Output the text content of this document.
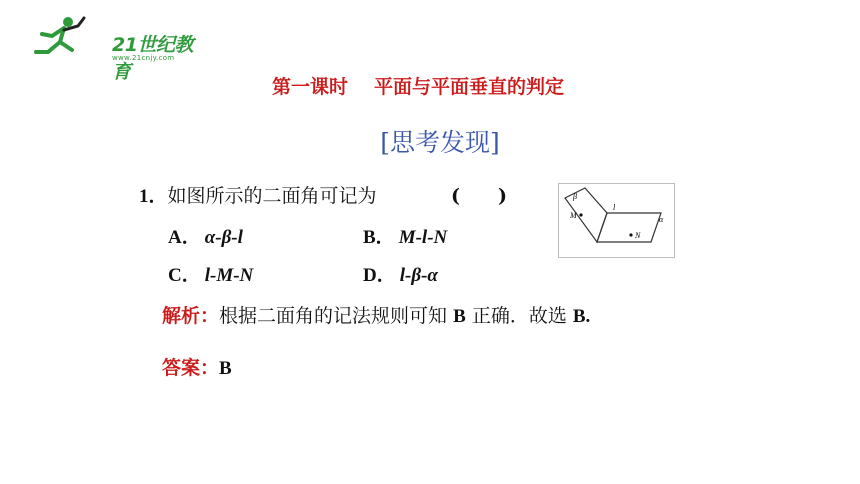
21世纪教育
www.21cnjy.com
第一课时 平面与平面垂直的判定
[思考发现]
1．如图所示的二面角可记为	(　　)
A． α-β-l	B． M-l-N
C． l-M-N	D． l-β-α
β
M
l
α
N
解析：根据二面角的记法规则可知 B 正确．故选 B.
答案：B
